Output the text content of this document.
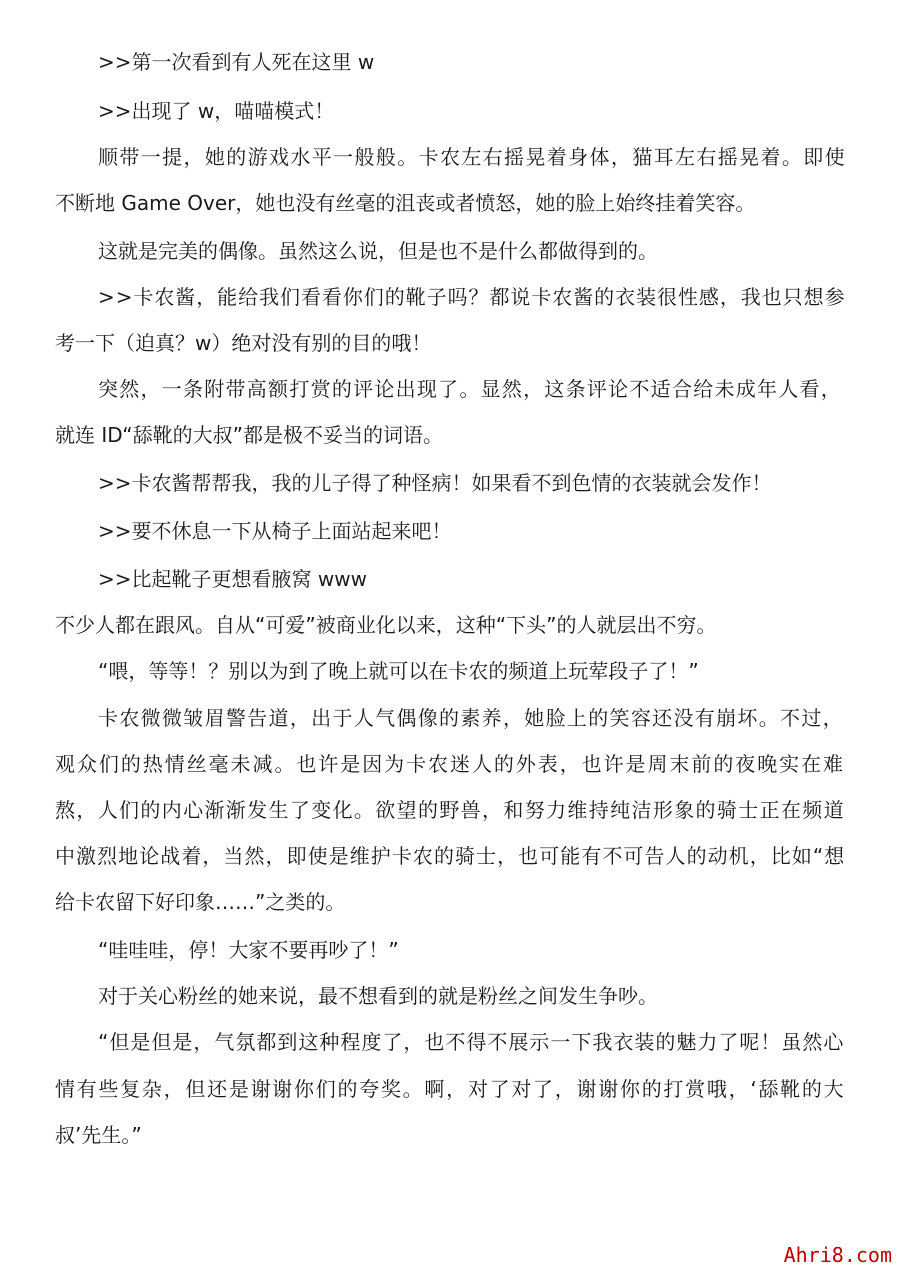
>>第一次看到有人死在这里 w
>>出现了 w，喵喵模式！
顺带一提，她的游戏水平一般般。卡农左右摇晃着身体，猫耳左右摇晃着。即使
不断地 Game Over，她也没有丝毫的沮丧或者愤怒，她的脸上始终挂着笑容。
这就是完美的偶像。虽然这么说，但是也不是什么都做得到的。
>>卡农酱，能给我们看看你们的靴子吗？都说卡农酱的衣装很性感，我也只想参
考一下（迫真？w）绝对没有别的目的哦！
突然，一条附带高额打赏的评论出现了。显然，这条评论不适合给未成年人看，
就连 ID“舔靴的大叔”都是极不妥当的词语。
>>卡农酱帮帮我，我的儿子得了种怪病！如果看不到色情的衣装就会发作！
>>要不休息一下从椅子上面站起来吧！
>>比起靴子更想看腋窝 www
不少人都在跟风。自从“可爱”被商业化以来，这种“下头”的人就层出不穷。
“喂，等等！？别以为到了晚上就可以在卡农的频道上玩荤段子了！”
卡农微微皱眉警告道，出于人气偶像的素养，她脸上的笑容还没有崩坏。不过，
观众们的热情丝毫未减。也许是因为卡农迷人的外表，也许是周末前的夜晚实在难
熬，人们的内心渐渐发生了变化。欲望的野兽，和努力维持纯洁形象的骑士正在频道
中激烈地论战着，当然，即使是维护卡农的骑士，也可能有不可告人的动机，比如“想
给卡农留下好印象……”之类的。
“哇哇哇，停！大家不要再吵了！”
对于关心粉丝的她来说，最不想看到的就是粉丝之间发生争吵。
“但是但是，气氛都到这种程度了，也不得不展示一下我衣装的魅力了呢！虽然心
情有些复杂，但还是谢谢你们的夸奖。啊，对了对了，谢谢你的打赏哦，‘舔靴的大
叔’先生。”
Ahri8.com
